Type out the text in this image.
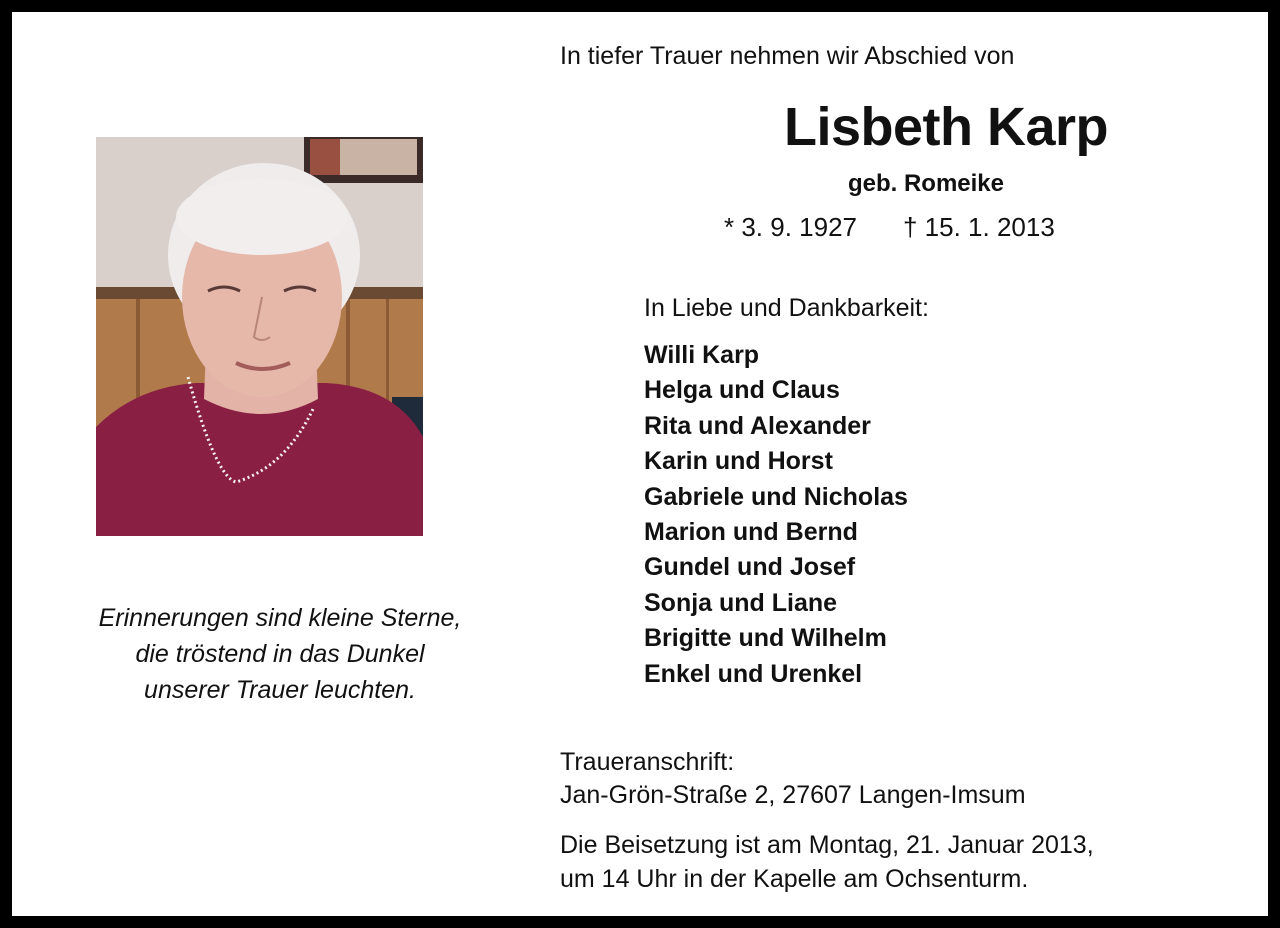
In tiefer Trauer nehmen wir Abschied von
Lisbeth Karp
geb. Romeike
* 3. 9. 1927 † 15. 1. 2013
In Liebe und Dankbarkeit:
Willi Karp
Helga und Claus
Rita und Alexander
Karin und Horst
Gabriele und Nicholas
Marion und Bernd
Gundel und Josef
Sonja und Liane
Brigitte und Wilhelm
Enkel und Urenkel
Traueranschrift:
Jan-Grön-Straße 2, 27607 Langen-Imsum
Die Beisetzung ist am Montag, 21. Januar 2013,
um 14 Uhr in der Kapelle am Ochsenturm.
Erinnerungen sind kleine Sterne,
die tröstend in das Dunkel
unserer Trauer leuchten.
